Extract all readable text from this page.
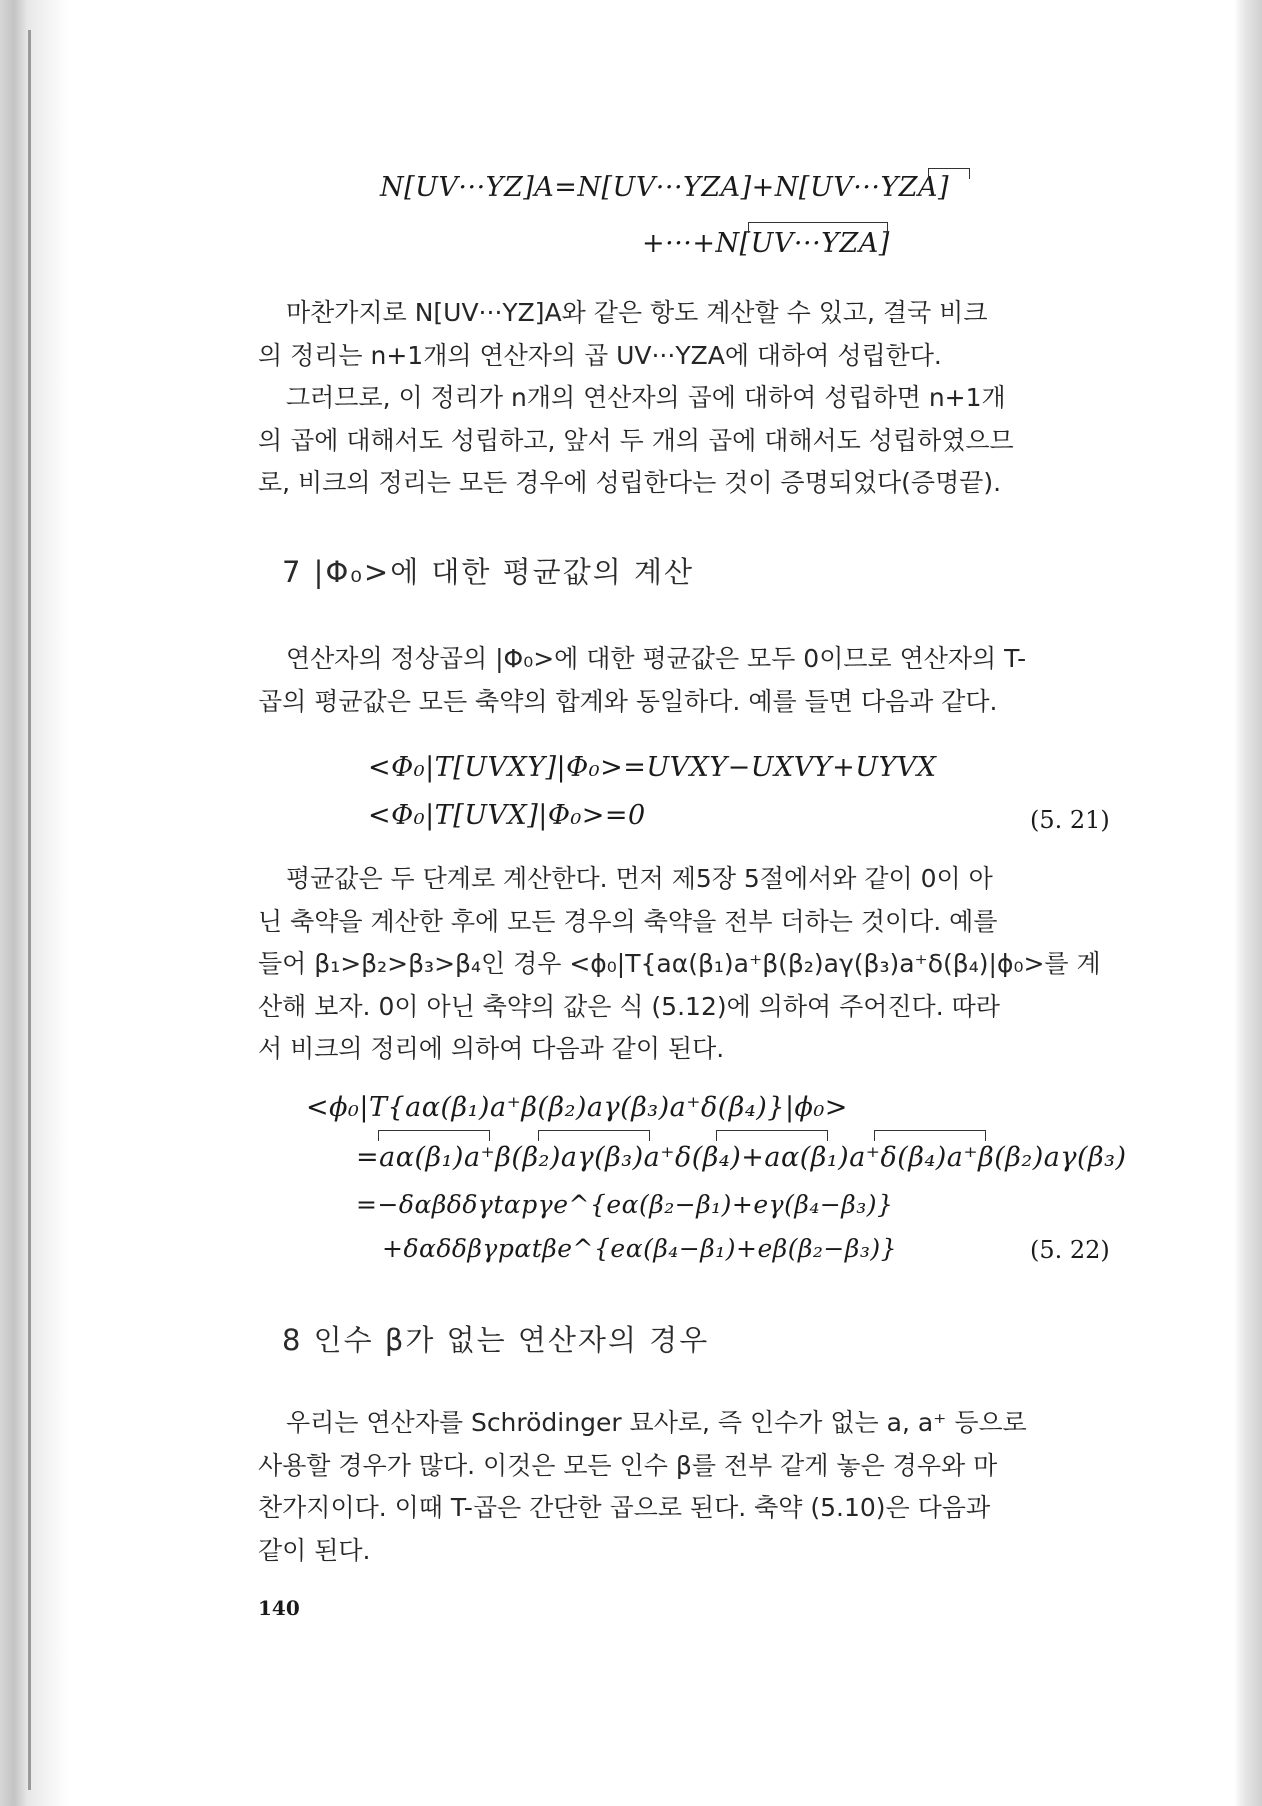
N[UV···YZ]A=N[UV···YZA]+N[UV···YZA]
+···+N[UV···YZA]
마찬가지로 N[UV···YZ]A와 같은 항도 계산할 수 있고, 결국 비크
의 정리는 n+1개의 연산자의 곱 UV···YZA에 대하여 성립한다.
그러므로, 이 정리가 n개의 연산자의 곱에 대하여 성립하면 n+1개
의 곱에 대해서도 성립하고, 앞서 두 개의 곱에 대해서도 성립하였으므
로, 비크의 정리는 모든 경우에 성립한다는 것이 증명되었다(증명끝).
7 |Φ₀>에 대한 평균값의 계산
연산자의 정상곱의 |Φ₀>에 대한 평균값은 모두 0이므로 연산자의 T-
곱의 평균값은 모든 축약의 합계와 동일하다. 예를 들면 다음과 같다.
<Φ₀|T[UVXY]|Φ₀>=UVXY−UXVY+UYVX
<Φ₀|T[UVX]|Φ₀>=0	(5. 21)
평균값은 두 단계로 계산한다. 먼저 제5장 5절에서와 같이 0이 아
닌 축약을 계산한 후에 모든 경우의 축약을 전부 더하는 것이다. 예를
들어 β₁>β₂>β₃>β₄인 경우 <ϕ₀|T{aα(β₁)a⁺β(β₂)aγ(β₃)a⁺δ(β₄)|ϕ₀>를 계
산해 보자. 0이 아닌 축약의 값은 식 (5.12)에 의하여 주어진다. 따라
서 비크의 정리에 의하여 다음과 같이 된다.
<ϕ₀|T{aα(β₁)a⁺β(β₂)aγ(β₃)a⁺δ(β₄)}|ϕ₀>
=aα(β₁)a⁺β(β₂)aγ(β₃)a⁺δ(β₄)+aα(β₁)a⁺δ(β₄)a⁺β(β₂)aγ(β₃)
=−δαβδδγtαpγe^{eα(β₂−β₁)+eγ(β₄−β₃)}
+δαδδβγpαtβe^{eα(β₄−β₁)+eβ(β₂−β₃)}	(5. 22)
8 인수 β가 없는 연산자의 경우
우리는 연산자를 Schrödinger 묘사로, 즉 인수가 없는 a, a⁺ 등으로
사용할 경우가 많다. 이것은 모든 인수 β를 전부 같게 놓은 경우와 마
찬가지이다. 이때 T-곱은 간단한 곱으로 된다. 축약 (5.10)은 다음과
같이 된다.
140
